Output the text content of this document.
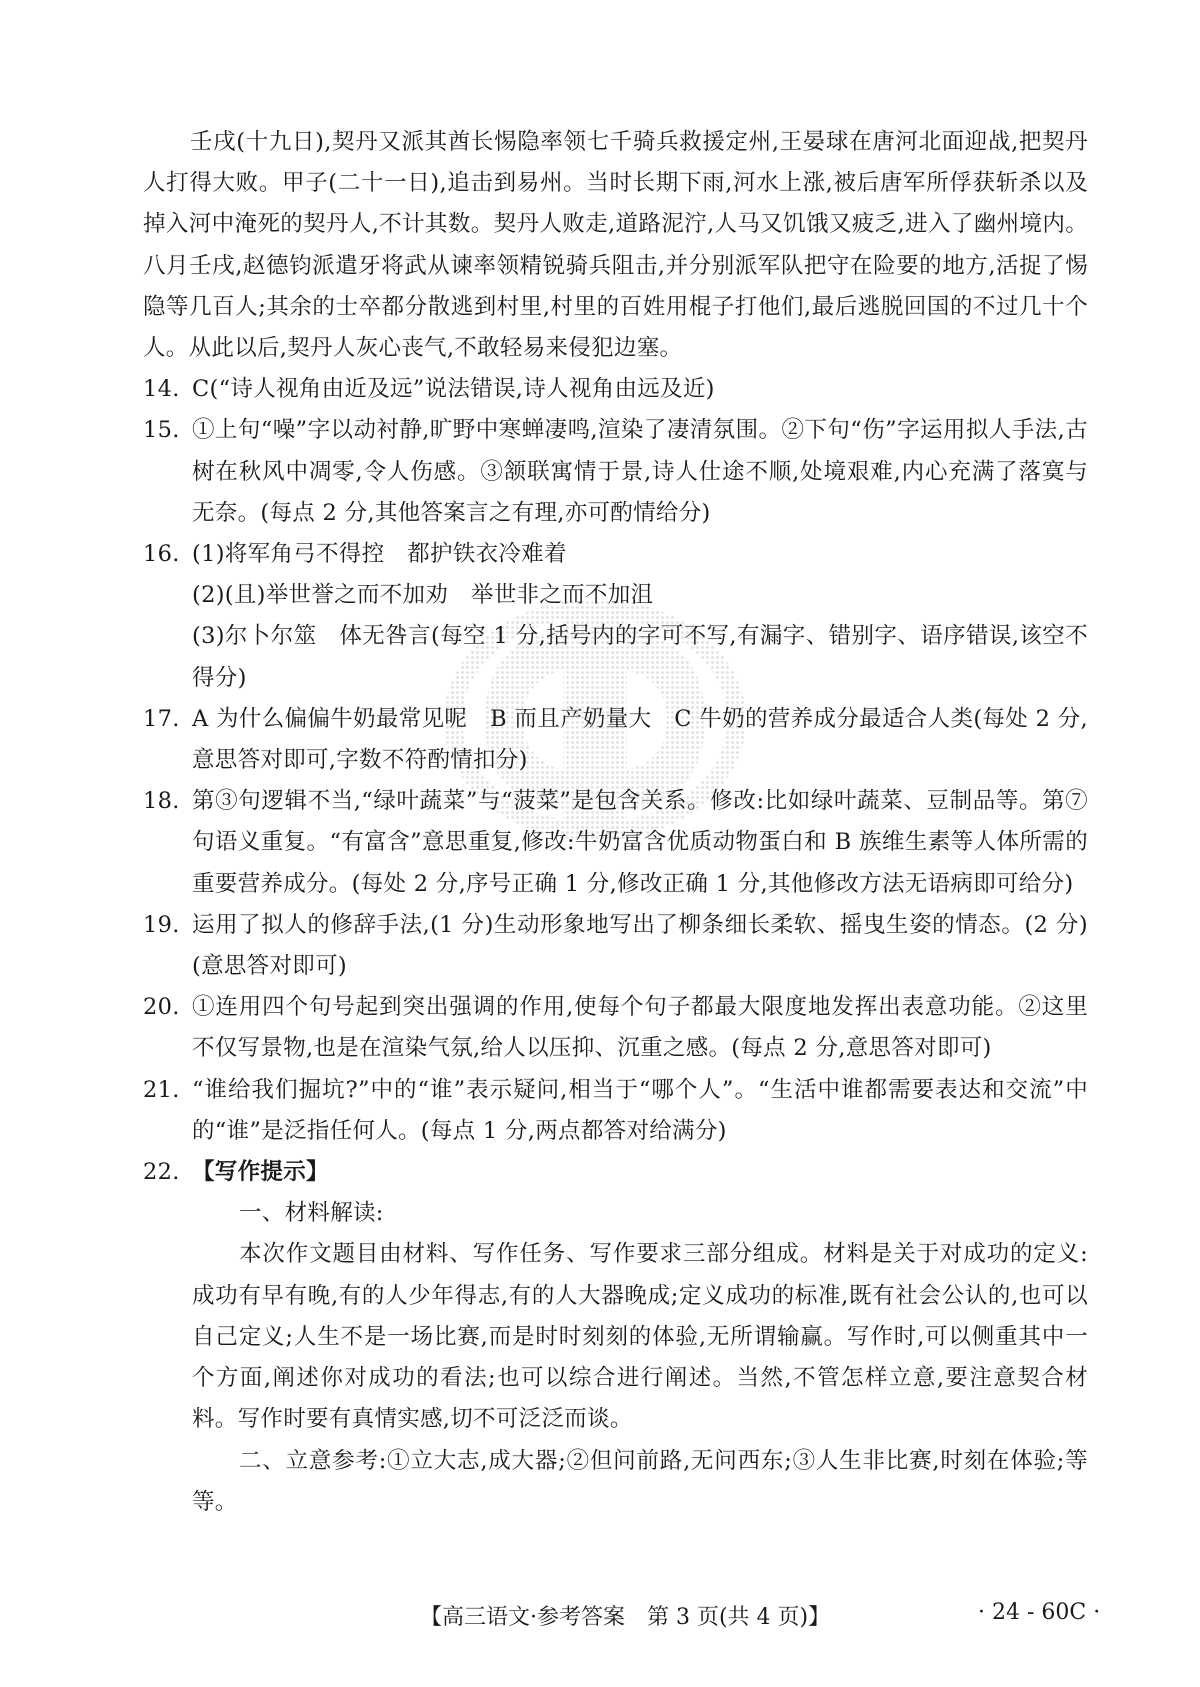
壬戌(十九日),契丹又派其酋长惕隐率领七千骑兵救援定州,王晏球在唐河北面迎战,把契丹人打得大败。甲子(二十一日),追击到易州。当时长期下雨,河水上涨,被后唐军所俘获斩杀以及掉入河中淹死的契丹人,不计其数。契丹人败走,道路泥泞,人马又饥饿又疲乏,进入了幽州境内。八月壬戌,赵德钧派遣牙将武从谏率领精锐骑兵阻击,并分别派军队把守在险要的地方,活捉了惕隐等几百人;其余的士卒都分散逃到村里,村里的百姓用棍子打他们,最后逃脱回国的不过几十个人。从此以后,契丹人灰心丧气,不敢轻易来侵犯边塞。

14. C(“诗人视角由近及远”说法错误,诗人视角由远及近)
15. ①上句“噪”字以动衬静,旷野中寒蝉凄鸣,渲染了凄清氛围。②下句“伤”字运用拟人手法,古树在秋风中凋零,令人伤感。③颔联寓情于景,诗人仕途不顺,处境艰难,内心充满了落寞与无奈。(每点 2 分,其他答案言之有理,亦可酌情给分)
16. (1)将军角弓不得控　都护铁衣冷难着
(2)(且)举世誉之而不加劝　举世非之而不加沮
(3)尔卜尔筮　体无咎言(每空 1 分,括号内的字可不写,有漏字、错别字、语序错误,该空不得分)
17. A 为什么偏偏牛奶最常见呢　B 而且产奶量大　C 牛奶的营养成分最适合人类(每处 2 分,意思答对即可,字数不符酌情扣分)
18. 第③句逻辑不当,“绿叶蔬菜”与“菠菜”是包含关系。修改:比如绿叶蔬菜、豆制品等。第⑦句语义重复。“有富含”意思重复,修改:牛奶富含优质动物蛋白和 B 族维生素等人体所需的重要营养成分。(每处 2 分,序号正确 1 分,修改正确 1 分,其他修改方法无语病即可给分)
19. 运用了拟人的修辞手法,(1 分)生动形象地写出了柳条细长柔软、摇曳生姿的情态。(2 分)(意思答对即可)
20. ①连用四个句号起到突出强调的作用,使每个句子都最大限度地发挥出表意功能。②这里不仅写景物,也是在渲染气氛,给人以压抑、沉重之感。(每点 2 分,意思答对即可)
21. “谁给我们掘坑?”中的“谁”表示疑问,相当于“哪个人”。“生活中谁都需要表达和交流”中的“谁”是泛指任何人。(每点 1 分,两点都答对给满分)
22. 【写作提示】

一、材料解读:

本次作文题目由材料、写作任务、写作要求三部分组成。材料是关于对成功的定义:成功有早有晚,有的人少年得志,有的人大器晚成;定义成功的标准,既有社会公认的,也可以自己定义;人生不是一场比赛,而是时时刻刻的体验,无所谓输赢。写作时,可以侧重其中一个方面,阐述你对成功的看法;也可以综合进行阐述。当然,不管怎样立意,要注意契合材料。写作时要有真情实感,切不可泛泛而谈。

二、立意参考:①立大志,成大器;②但问前路,无问西东;③人生非比赛,时刻在体验;等等。

【高三语文·参考答案　第 3 页(共 4 页)】	· 24 - 60C ·
